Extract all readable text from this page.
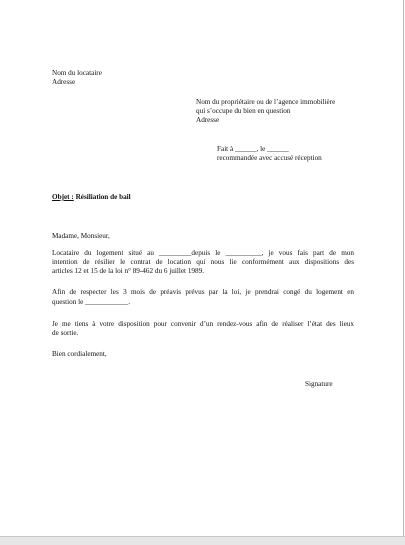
Nom du locataire
Adresse
Nom du propriétaire ou de l’agence immobilière
qui s’occupe du bien en question
Adresse
Fait à ______, le ______
recommandée avec accusé réception
Objet : Résiliation de bail
Madame, Monsieur,
Locataire du logement situé au _________depuis le __________, je vous fais part de mon
intention de résilier le contrat de location qui nous lie conformément aux dispositions des
articles 12 et 15 de la loi n° 89-462 du 6 juillet 1989.
Afin de respecter les 3 mois de préavis prévus par la loi, je prendrai congé du logement en
question le ____________.
Je me tiens à votre disposition pour convenir d’un rendez-vous afin de réaliser l’état des lieux
de sortie.
Bien cordialement,
Signature
